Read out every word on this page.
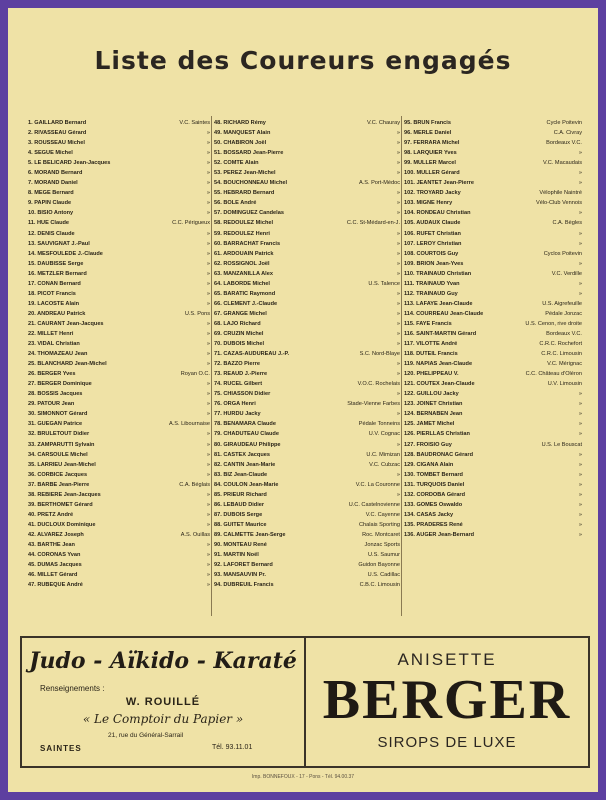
Liste des Coureurs engagés
1. GAILLARD Bernard	V.C. Saintes
2. RIVASSEAU Gérard	»
3. ROUSSEAU Michel	»
4. SEGUE Michel	»
5. LE BELICARD Jean-Jacques	»
6. MORAND Bernard	»
7. MORAND Daniel	»
8. MEGE Bernard	»
9. PAPIN Claude	»
10. BISIO Antony	»
11. HUE Claude	C.C. Périgueux
12. DENIS Claude	»
13. SAUVIGNAT J.-Paul	»
14. MESFOULEDE J.-Claude	»
15. DAUBISSE Serge	»
16. METZLER Bernard	»
17. CONAN Bernard	»
18. PICOT Francis	»
19. LACOSTE Alain	»
20. ANDREAU Patrick	U.S. Pons
21. CAURANT Jean-Jacques	»
22. MILLET Henri	»
23. VIDAL Christian	»
24. THOMAZEAU Jean	»
25. BLANCHARD Jean-Michel	»
26. BERGER Yves	Royan O.C.
27. BERGER Dominique	»
28. BOSSIS Jacques	»
29. PATOUR Jean	»
30. SIMONNOT Gérard	»
31. GUEGAN Patrice	A.S. Libournaise
32. BRULETOUT Didier	»
33. ZAMPARUTTI Sylvain	»
34. CARSOULE Michel	»
35. LARRIEU Jean-Michel	»
36. CORBICE Jacques	»
37. BARBE Jean-Pierre	C.A. Béglais
38. REBIERE Jean-Jacques	»
39. BERTHOMET Gérard	»
40. PRETZ André	»
41. DUCLOUX Dominique	»
42. ALVAREZ Joseph	A.S. Ouillas
43. BARTHE Jean	»
44. CORONAS Yvan	»
45. DUMAS Jacques	»
46. MILLET Gérard	»
47. RUBEQUE André	»
48. RICHARD Rémy	V.C. Chauray
49. MANQUEST Alain	»
50. CHABIRON Joël	»
51. BOSSARD Jean-Pierre	»
52. COMTE Alain	»
53. PEREZ Jean-Michel	»
54. BOUCHONNEAU Michel	A.S. Port-Médoc
55. HEBRARD Bernard	»
56. BOLE André	»
57. DOMINGUEZ Candelas	»
58. REDOULEZ Michel	C.C. St-Médard-en-J.
59. REDOULEZ Henri	»
60. BARRACHAT Francis	»
61. ARDOUAIN Patrick	»
62. ROSSIGNOL Joël	»
63. MANZANILLA Alex	»
64. LABORDE Michel	U.S. Talence
65. BARATIC Raymond	»
66. CLEMENT J.-Claude	»
67. GRANGE Michel	»
68. LAJO Richard	»
69. CRUZIN Michel	»
70. DUBOIS Michel	»
71. CAZAS-AUDUREAU J.-P.	S.C. Nord-Blaye
72. BAZZO Pierre	»
73. REAUD J.-Pierre	»
74. RUCEL Gilbert	V.O.C. Rochelais
75. CHIASSON Didier	»
76. ORGA Henri	Stade-Vienne Farbes
77. HURDU Jacky	»
78. BENAMARA Claude	Pédale Tonneins
79. CHADUTEAU Claude	U.V. Cognac
80. GIRAUDEAU Philippe	»
81. CASTEX Jacques	U.C. Mimizan
82. CANTIN Jean-Marie	V.C. Cubzac
83. BIZ Jean-Claude	»
84. COULON Jean-Marie	V.C. La Couronne
85. PRIEUR Richard	»
86. LEBAUD Didier	U.C. Castelnovienne
87. DUBOIS Serge	V.C. Cayenne
88. GUITET Maurice	Chalais Sporting
89. CALMETTE Jean-Serge	Roc. Montcaret
90. MONTEAU René	Jonzac Sports
91. MARTIN Noël	U.S. Saumur
92. LAFORET Bernard	Guidon Bayonne
93. MANSAUVIN Pr.	U.S. Cadillac
94. DUBREUIL Francis	C.B.C. Limousin
95. BRUN Francis	Cycle Poitevin
96. MERLE Daniel	C.A. Civray
97. FERRARA Michel	Bordeaux V.C.
98. LARQUIER Yves	»
99. MULLER Marcel	V.C. Macaudais
100. MULLER Gérard	»
101. JEANTET Jean-Pierre	»
102. TROYARD Jacky	Vélophile Naintré
103. MIGNE Henry	Vélo-Club Vennois
104. RONDEAU Christian	»
105. AUDAUX Claude	C.A. Bègles
106. RUFET Christian	»
107. LEROY Christian	»
108. COURTOIS Guy	Cyclos Poitevin
109. BRION Jean-Yves	»
110. TRAINAUD Christian	V.C. Verdille
111. TRAINAUD Yvan	»
112. TRAINAUD Guy	»
113. LAFAYE Jean-Claude	U.S. Aigrefeuille
114. COURREAU Jean-Claude	Pédale Jonzac
115. FAYE Francis	U.S. Cenon, rive droite
116. SAINT-MARTIN Gérard	Bordeaux V.C.
117. VILOTTE André	C.R.C. Rochefort
118. DUTEIL Francis	C.R.C. Limousin
119. NAPIAS Jean-Claude	V.C. Mérignac
120. PHELIPPEAU V.	C.C. Château d'Oléron
121. COUTEX Jean-Claude	U.V. Limousin
122. GUILLOU Jacky	»
123. JOINET Christian	»
124. BERNABEN Jean	»
125. JAMET Michel	»
126. PIERLLAS Christian	»
127. FROISIO Guy	U.S. Le Bouscat
128. BAUDRONAC Gérard	»
129. CIGANA Alain	»
130. TOMBET Bernard	»
131. TURQUOIS Daniel	»
132. CORDOBA Gérard	»
133. GOMES Oswaldo	»
134. CASAS Jacky	»
135. PRADERES René	»
136. AUGER Jean-Bernard	»
Judo - Aïkido - Karaté
Renseignements :
W. ROUILLÉ
« Le Comptoir du Papier »
21, rue du Général-Sarrail
SAINTES	Tél. 93.11.01
ANISETTE
BERGER
SIROPS DE LUXE
Imp. BONNEFOUX - 17 - Pons - Tél. 94.00.37
